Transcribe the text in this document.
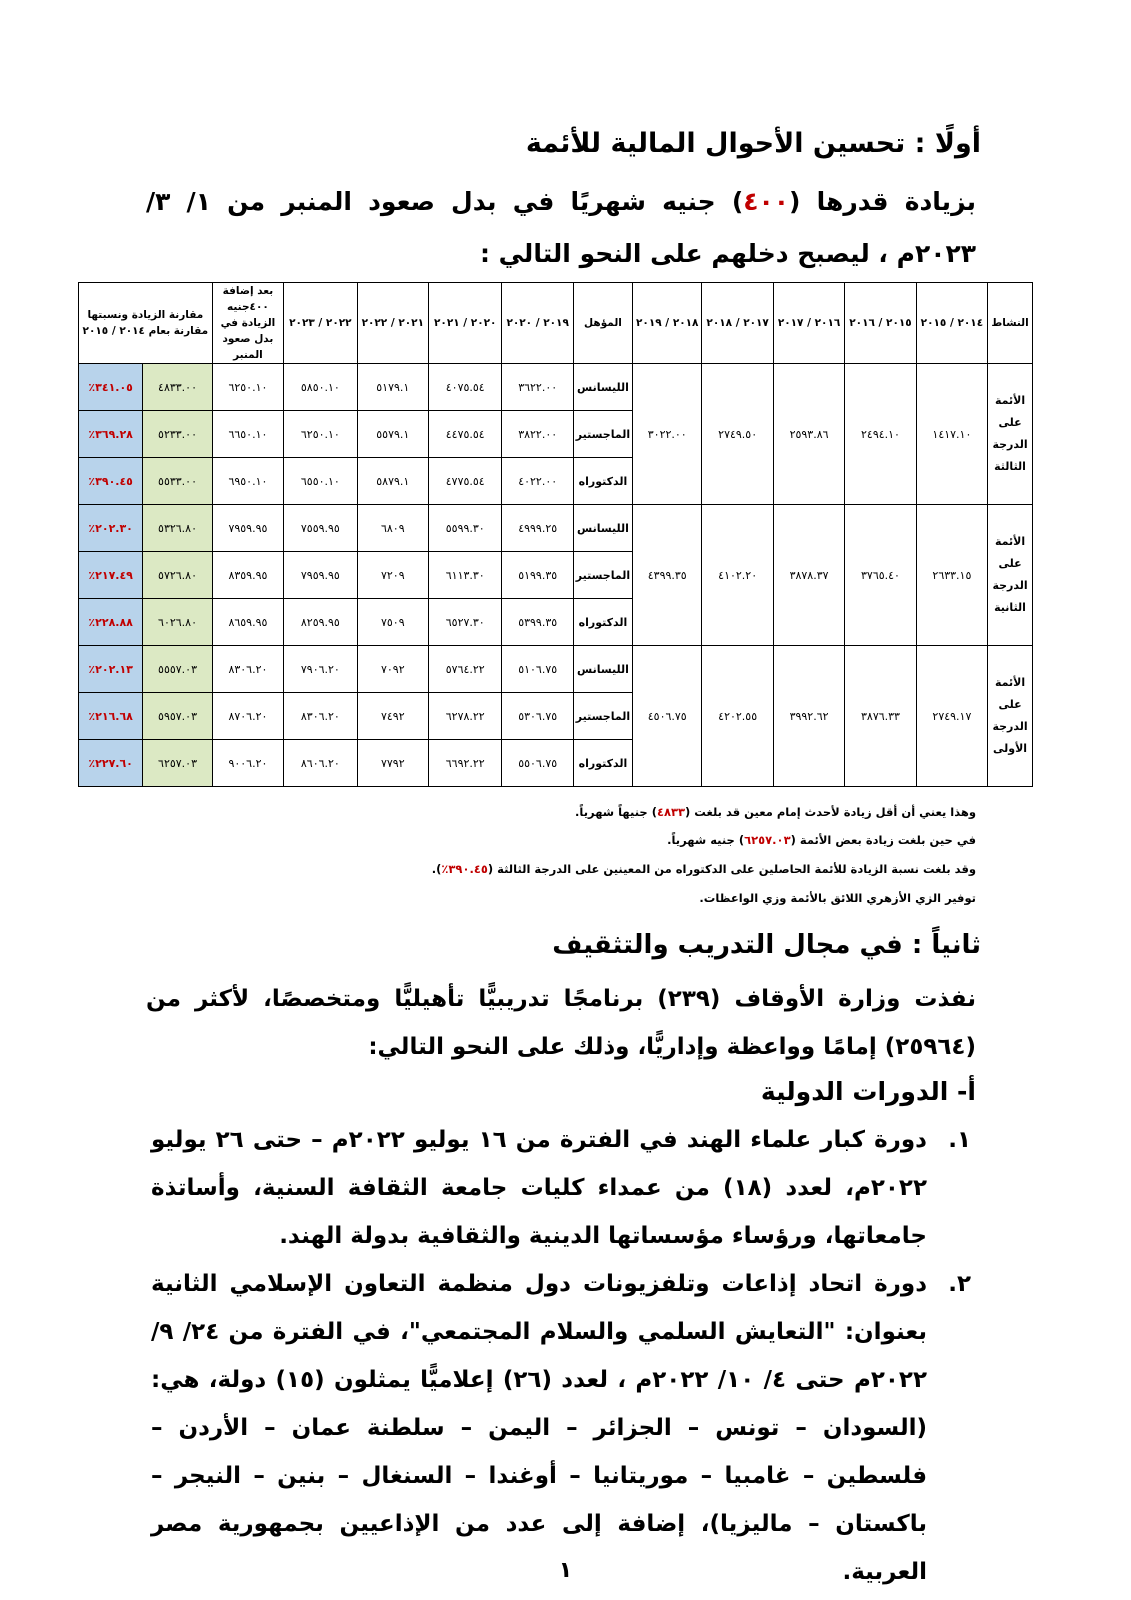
أولًا : تحسين الأحوال المالية للأئمة
بزيادة قدرها (٤٠٠) جنيه شهريًا في بدل صعود المنبر من ١/ ٣/ ٢٠٢٣م ، ليصبح دخلهم على النحو التالي :
النشاط	٢٠١٤ / ٢٠١٥	٢٠١٥ / ٢٠١٦	٢٠١٦ / ٢٠١٧	٢٠١٧ / ٢٠١٨	٢٠١٨ / ٢٠١٩	المؤهل	٢٠١٩ / ٢٠٢٠	٢٠٢٠ / ٢٠٢١	٢٠٢١ / ٢٠٢٢	٢٠٢٢ / ٢٠٢٣	بعد إضافة ٤٠٠جنيه الزيادة في بدل صعود المنبر	مقارنة الزيادة ونسبتها مقارنة بعام ٢٠١٤ / ٢٠١٥	
الأئمة على الدرجة الثالثة	١٤١٧.١٠	٢٤٩٤.١٠	٢٥٩٣.٨٦	٢٧٤٩.٥٠	٣٠٢٢.٠٠	الليسانس	٣٦٢٢.٠٠	٤٠٧٥.٥٤	٥١٧٩.١	٥٨٥٠.١٠	٦٢٥٠.١٠	٤٨٣٣.٠٠	٣٤١.٠٥٪
						الماجستير	٣٨٢٢.٠٠	٤٤٧٥.٥٤	٥٥٧٩.١	٦٢٥٠.١٠	٦٦٥٠.١٠	٥٢٣٣.٠٠	٣٦٩.٢٨٪
						الدكتوراه	٤٠٢٢.٠٠	٤٧٧٥.٥٤	٥٨٧٩.١	٦٥٥٠.١٠	٦٩٥٠.١٠	٥٥٣٣.٠٠	٣٩٠.٤٥٪
الأئمة على الدرجة الثانية	٢٦٣٣.١٥	٣٧٦٥.٤٠	٣٨٧٨.٣٧	٤١٠٢.٢٠	٤٣٩٩.٣٥	الليسانس	٤٩٩٩.٢٥	٥٥٩٩.٣٠	٦٨٠٩	٧٥٥٩.٩٥	٧٩٥٩.٩٥	٥٣٢٦.٨٠	٢٠٢.٣٠٪
						الماجستير	٥١٩٩.٣٥	٦١١٣.٣٠	٧٢٠٩	٧٩٥٩.٩٥	٨٣٥٩.٩٥	٥٧٢٦.٨٠	٢١٧.٤٩٪
						الدكتوراه	٥٣٩٩.٣٥	٦٥٢٧.٣٠	٧٥٠٩	٨٢٥٩.٩٥	٨٦٥٩.٩٥	٦٠٢٦.٨٠	٢٢٨.٨٨٪
الأئمة على الدرجة الأولى	٢٧٤٩.١٧	٣٨٧٦.٣٣	٣٩٩٢.٦٢	٤٢٠٢.٥٥	٤٥٠٦.٧٥	الليسانس	٥١٠٦.٧٥	٥٧٦٤.٢٢	٧٠٩٢	٧٩٠٦.٢٠	٨٣٠٦.٢٠	٥٥٥٧.٠٣	٢٠٢.١٣٪
						الماجستير	٥٣٠٦.٧٥	٦٢٧٨.٢٢	٧٤٩٢	٨٣٠٦.٢٠	٨٧٠٦.٢٠	٥٩٥٧.٠٣	٢١٦.٦٨٪
						الدكتوراه	٥٥٠٦.٧٥	٦٦٩٢.٢٢	٧٧٩٢	٨٦٠٦.٢٠	٩٠٠٦.٢٠	٦٢٥٧.٠٣	٢٢٧.٦٠٪
وهذا يعني أن أقل زيادة لأحدث إمام معين قد بلغت (٤٨٣٣) جنيهاً شهرياً.
في حين بلغت زيادة بعض الأئمة (٦٢٥٧.٠٣) جنيه شهرياً.
وقد بلغت نسبة الزيادة للأئمة الحاصلين على الدكتوراه من المعينين على الدرجة الثالثة (٣٩٠.٤٥٪).
توفير الزي الأزهري اللائق بالأئمة وزي الواعظات.
ثانياً : في مجال التدريب والتثقيف
نفذت وزارة الأوقاف (٢٣٩) برنامجًا تدريبيًّا تأهيليًّا ومتخصصًا، لأكثر من (٢٥٩٦٤) إمامًا وواعظة وإداريًّا، وذلك على النحو التالي:
أ- الدورات الدولية
١.
دورة كبار علماء الهند في الفترة من ١٦ يوليو ٢٠٢٢م – حتى ٢٦ يوليو ٢٠٢٢م، لعدد (١٨) من عمداء كليات جامعة الثقافة السنية، وأساتذة جامعاتها، ورؤساء مؤسساتها الدينية والثقافية بدولة الهند.
٢.
دورة اتحاد إذاعات وتلفزيونات دول منظمة التعاون الإسلامي الثانية بعنوان: "التعايش السلمي والسلام المجتمعي"، في الفترة من ٢٤/ ٩/ ٢٠٢٢م حتى ٤/ ١٠/ ٢٠٢٢م ، لعدد (٢٦) إعلاميًّا يمثلون (١٥) دولة، هي: (السودان – تونس – الجزائر – اليمن – سلطنة عمان – الأردن – فلسطين – غامبيا – موريتانيا – أوغندا – السنغال – بنين – النيجر – باكستان – ماليزيا)، إضافة إلى عدد من الإذاعيين بجمهورية مصر العربية.
١
